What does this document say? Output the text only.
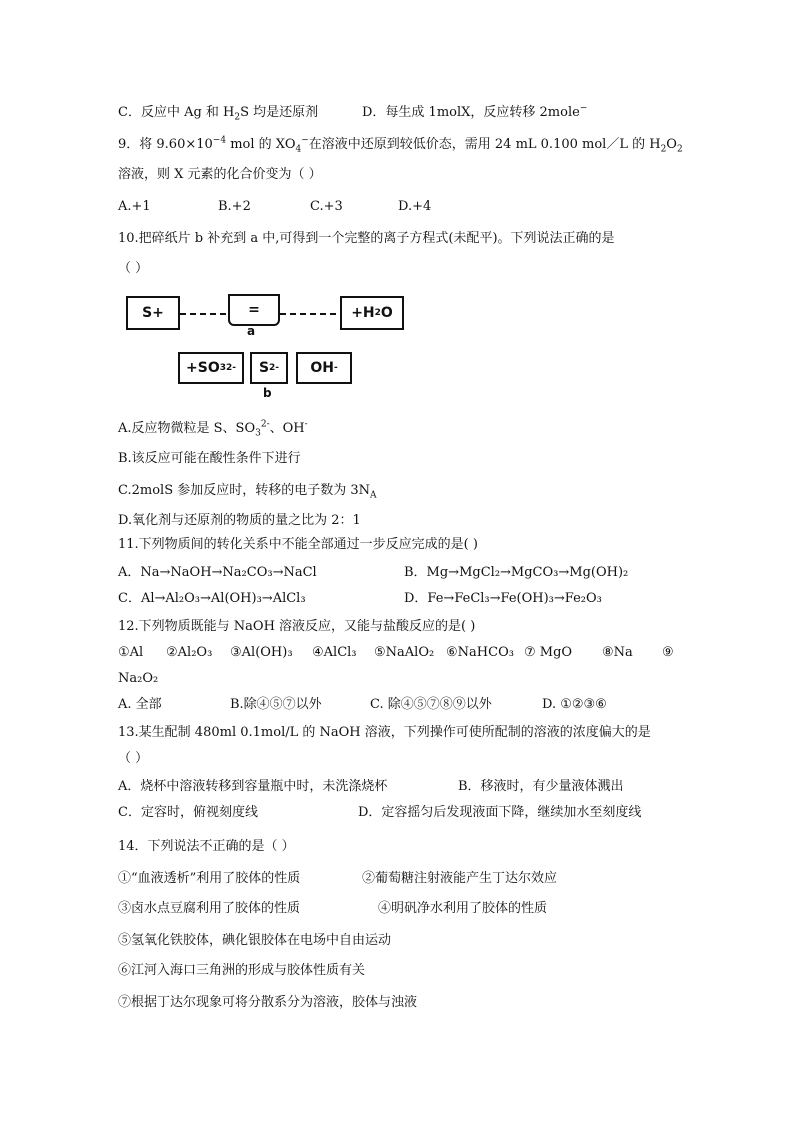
C．反应中 Ag 和 $H_2S$ 均是还原剂	D．每生成 1molX，反应转移 2mole−
9．将 $9.60\times 10^{-4}$ mol 的 $XO_4^-$在溶液中还原到较低价态，需用 24 mL 0.100 mol／L 的 $H_2O_2$
溶液，则 X 元素的化合价变为（ ）
A.+1	B.+2	C.+3	D.+4
10.把碎纸片 b 补充到 a 中,可得到一个完整的离子方程式(未配平)。下列说法正确的是
（ ）
S+	=
a
+H 2 O
+SO 3 2- S 2- OH -
b
A.反应物微粒是 S、$SO_3^{2-}$、OH-
B.该反应可能在酸性条件下进行
C.2molS 参加反应时，转移的电子数为 $3N_A$
D.氧化剂与还原剂的物质的量之比为 2：1
11.下列物质间的转化关系中不能全部通过一步反应完成的是( )
A．Na→NaOH→Na₂CO₃→NaCl	B．Mg→MgCl₂→MgCO₃→Mg(OH)₂
C．Al→Al₂O₃→Al(OH)₃→AlCl₃	D．Fe→FeCl₃→Fe(OH)₃→Fe₂O₃
12.下列物质既能与 NaOH 溶液反应，又能与盐酸反应的是( )
①Al ②Al₂O₃ ③Al(OH)₃ ④AlCl₃ ⑤NaAlO₂ ⑥NaHCO₃ ⑦ MgO ⑧Na ⑨
Na₂O₂
A. 全部	B.除④⑤⑦以外	C. 除④⑤⑦⑧⑨以外	D. ①②③⑥
13.某生配制 480ml 0.1mol/L 的 NaOH 溶液，下列操作可使所配制的溶液的浓度偏大的是
（ ）
A．烧杯中溶液转移到容量瓶中时，未洗涤烧杯	B．移液时，有少量液体溅出
C．定容时，俯视刻度线	D．定容摇匀后发现液面下降，继续加水至刻度线
14．下列说法不正确的是（ ）
①“血液透析”利用了胶体的性质	②葡萄糖注射液能产生丁达尔效应
③卤水点豆腐利用了胶体的性质	④明矾净水利用了胶体的性质
⑤氢氧化铁胶体，碘化银胶体在电场中自由运动
⑥江河入海口三角洲的形成与胶体性质有关
⑦根据丁达尔现象可将分散系分为溶液，胶体与浊液
